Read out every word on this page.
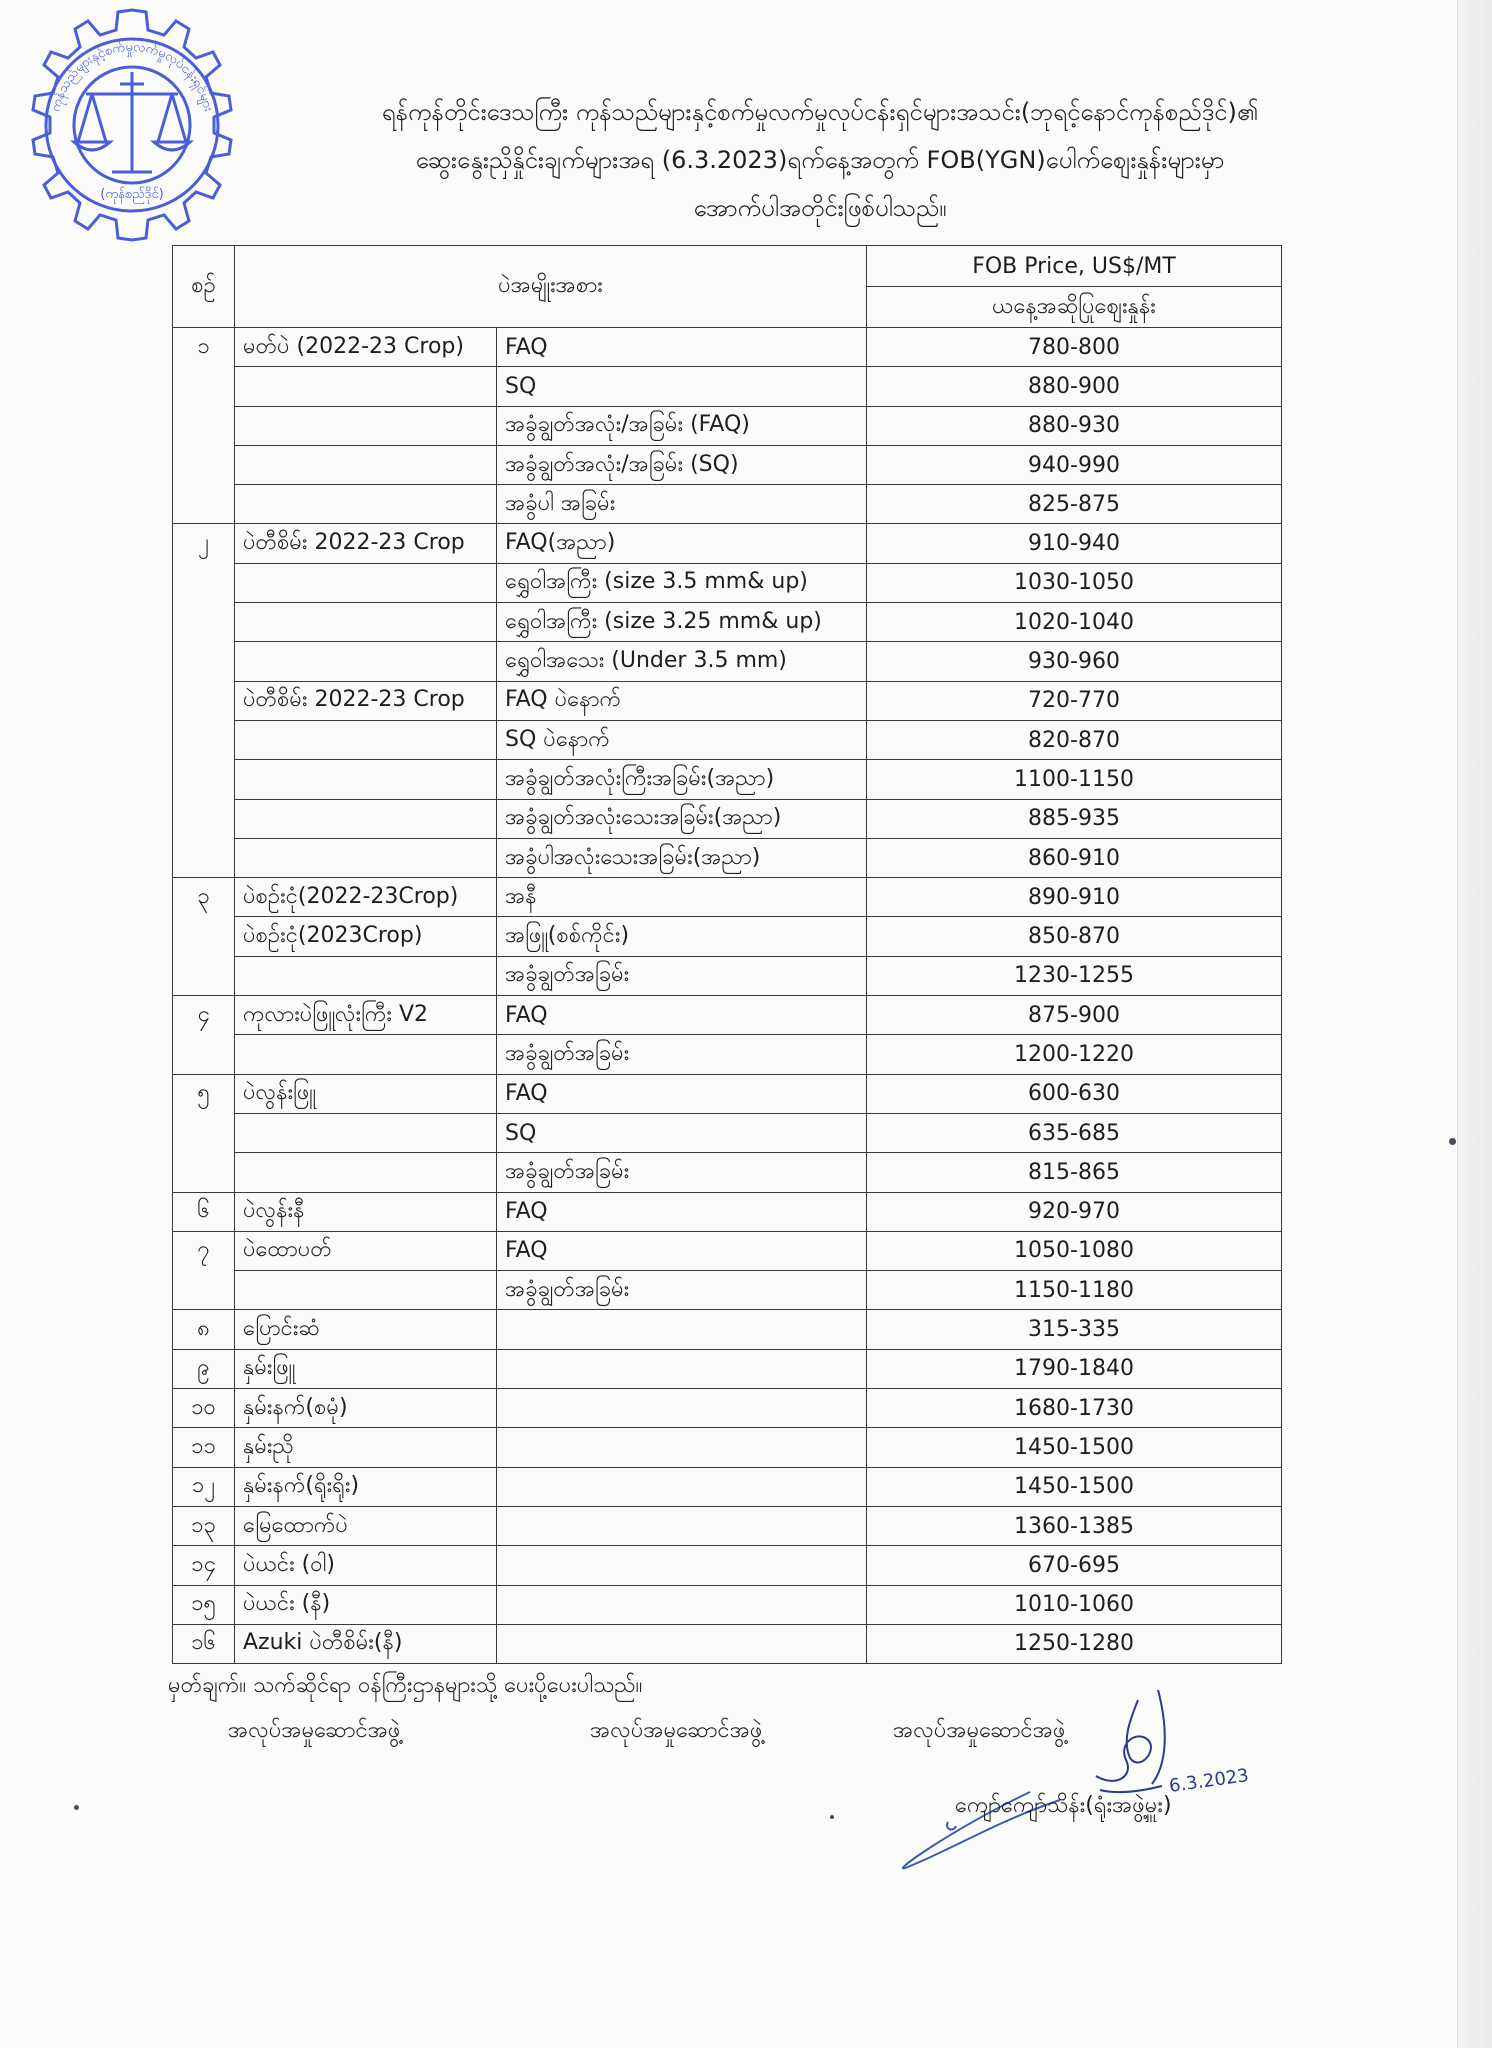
ကုန်သည်များနှင့်စက်မှုလက်မှုလုပ်ငန်းရှင်များ
(ကုန်စည်ဒိုင်)
ရန်ကုန်တိုင်းဒေသကြီး ကုန်သည်များနှင့်စက်မှုလက်မှုလုပ်ငန်းရှင်များအသင်း(ဘုရင့်နောင်ကုန်စည်ဒိုင်)၏
ဆွေးနွေးညှိနှိုင်းချက်များအရ (6.3.2023)ရက်နေ့အတွက် FOB(YGN)ပေါက်စျေးနှုန်းများမှာ
အောက်ပါအတိုင်းဖြစ်ပါသည်။
စဉ်	ပဲအမျိုးအစား		FOB Price, US$/MT
			ယနေ့အဆိုပြုဈေးနှုန်း
၁	မတ်ပဲ (2022-23 Crop)	FAQ	780-800
		SQ	880-900
		အခွံချွတ်အလုံး/အခြမ်း (FAQ)	880-930
		အခွံချွတ်အလုံး/အခြမ်း (SQ)	940-990
		အခွံပါ အခြမ်း	825-875
၂	ပဲတီစိမ်း 2022-23 Crop	FAQ(အညာ)	910-940
		ရွှေဝါအကြီး (size 3.5 mm& up)	1030-1050
		ရွှေဝါအကြီး (size 3.25 mm& up)	1020-1040
		ရွှေဝါအသေး (Under 3.5 mm)	930-960
	ပဲတီစိမ်း 2022-23 Crop	FAQ ပဲနောက်	720-770
		SQ ပဲနောက်	820-870
		အခွံချွတ်အလုံးကြီးအခြမ်း(အညာ)	1100-1150
		အခွံချွတ်အလုံးသေးအခြမ်း(အညာ)	885-935
		အခွံပါအလုံးသေးအခြမ်း(အညာ)	860-910
၃	ပဲစဉ်းငုံ(2022-23Crop)	အနီ	890-910
	ပဲစဉ်းငုံ(2023Crop)	အဖြူ(စစ်ကိုင်း)	850-870
		အခွံချွတ်အခြမ်း	1230-1255
၄	ကုလားပဲဖြူလုံးကြီး V2	FAQ	875-900
		အခွံချွတ်အခြမ်း	1200-1220
၅	ပဲလွန်းဖြူ	FAQ	600-630
		SQ	635-685
		အခွံချွတ်အခြမ်း	815-865
၆	ပဲလွန်းနီ	FAQ	920-970
၇	ပဲထောပတ်	FAQ	1050-1080
		အခွံချွတ်အခြမ်း	1150-1180
၈	ပြောင်းဆံ		315-335
၉	နှမ်းဖြူ		1790-1840
၁၀	နှမ်းနက်(စမုံ)		1680-1730
၁၁	နှမ်းညို		1450-1500
၁၂	နှမ်းနက်(ရိုးရိုး)		1450-1500
၁၃	မြေထောက်ပဲ		1360-1385
၁၄	ပဲယင်း (ဝါ)		670-695
၁၅	ပဲယင်း (နီ)		1010-1060
၁၆	Azuki ပဲတီစိမ်း(နီ)		1250-1280
မှတ်ချက်။ သက်ဆိုင်ရာ ဝန်ကြီးဌာနများသို့ ပေးပို့ပေးပါသည်။
အလုပ်အမှုဆောင်အဖွဲ့	အလုပ်အမှုဆောင်အဖွဲ့	အလုပ်အမှုဆောင်အဖွဲ့
6.3.2023
ကျော်ကျော်သိန်း(ရုံးအဖွဲ့မှူး)
